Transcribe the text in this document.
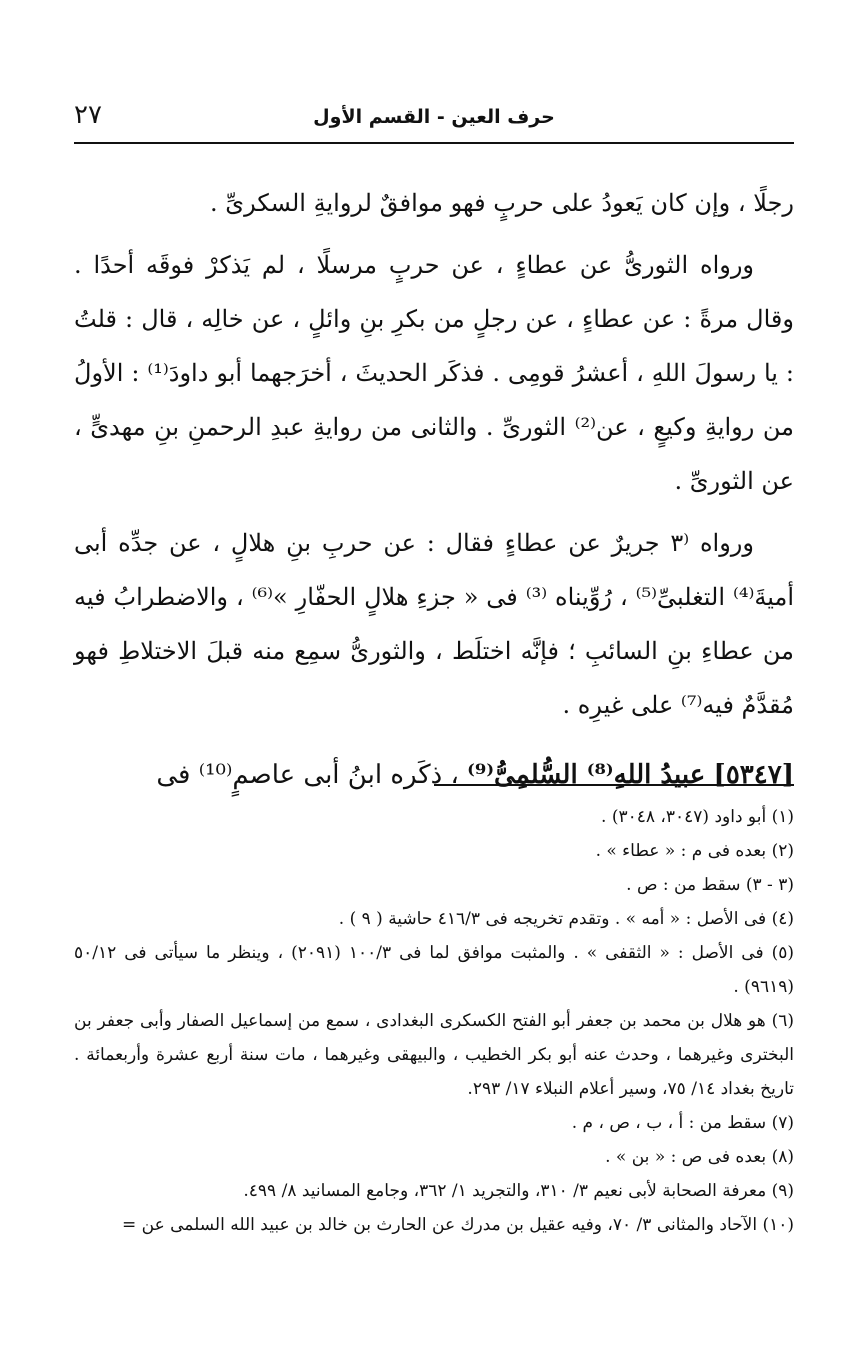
حرف العين - القسم الأول
٢٧

رجلًا ، وإن كان يَعودُ على حربٍ فهو موافقٌ لروايةِ السكرىِّ .

ورواه الثورىُّ عن عطاءٍ ، عن حربٍ مرسلًا ، لم يَذكرْ فوقَه أحدًا . وقال مرةً : عن عطاءٍ ، عن رجلٍ من بكرِ بنِ وائلٍ ، عن خالِه ، قال : قلتُ : يا رسولَ اللهِ ، أعشرُ قومِى . فذكَر الحديثَ ، أخرَجهما أبو داودَ⁽¹⁾ : الأولُ من روايةِ وكيعٍ ، عن⁽²⁾ الثورىِّ . والثانى من روايةِ عبدِ الرحمنِ بنِ مهدىٍّ ، عن الثورىِّ .

ورواه ⁽٣ جريرٌ عن عطاءٍ فقال : عن حربِ بنِ هلالٍ ، عن جدِّه أبى أميةَ⁽⁴⁾ التغلبىِّ⁽⁵⁾ ، رُوِّيناه ⁽³⁾ فى « جزءِ هلالٍ الحفّارِ »⁽⁶⁾ ، والاضطرابُ فيه من عطاءِ بنِ السائبِ ؛ فإنَّه اختلَط ، والثورىُّ سمِع منه قبلَ الاختلاطِ فهو مُقدَّمٌ فيه⁽⁷⁾ على غيرِه .

[٥٣٤٧] عبيدُ اللهِ⁽⁸⁾ السُّلمِىُّ⁽⁹⁾ ، ذكَره ابنُ أبى عاصمٍ⁽¹⁰⁾ فى

(١) أبو داود (٣٠٤٧، ٣٠٤٨) .

(٢) بعده فى م : « عطاء » .

(٣ - ٣) سقط من : ص .

(٤) فى الأصل : « أمه » . وتقدم تخريجه فى ٤١٦/٣ حاشية ( ٩ ) .

(٥) فى الأصل : « الثقفى » . والمثبت موافق لما فى ١٠٠/٣ (٢٠٩١) ، وينظر ما سيأتى فى ٥٠/١٢ (٩٦١٩) .

(٦) هو هلال بن محمد بن جعفر أبو الفتح الكسكرى البغدادى ، سمع من إسماعيل الصفار وأبى جعفر بن البخترى وغيرهما ، وحدث عنه أبو بكر الخطيب ، والبيهقى وغيرهما ، مات سنة أربع عشرة وأربعمائة . تاريخ بغداد ١٤/ ٧٥، وسير أعلام النبلاء ١٧/ ٢٩٣.

(٧) سقط من : أ ، ب ، ص ، م .

(٨) بعده فى ص : « بن » .

(٩) معرفة الصحابة لأبى نعيم ٣/ ٣١٠، والتجريد ١/ ٣٦٢، وجامع المسانيد ٨/ ٤٩٩.

(١٠) الآحاد والمثانى ٣/ ٧٠، وفيه عقيل بن مدرك عن الحارث بن خالد بن عبيد الله السلمى عن =
